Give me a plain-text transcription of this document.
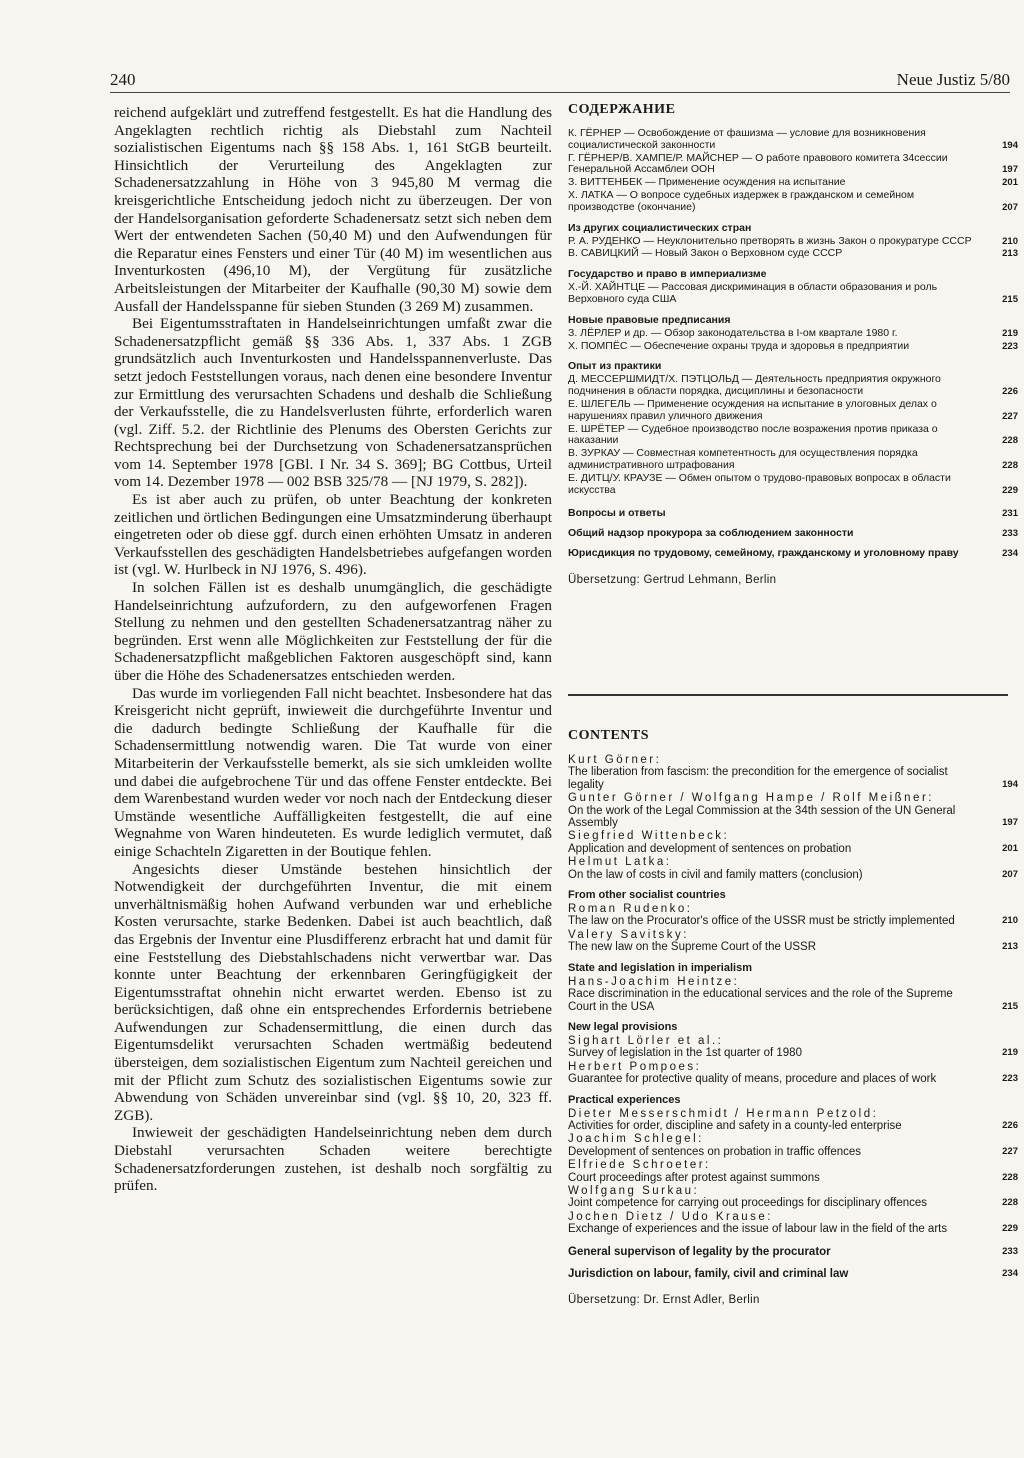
240	Neue Justiz 5/80

reichend aufgeklärt und zutreffend festgestellt. Es hat die Handlung des Angeklagten rechtlich richtig als Diebstahl zum Nachteil sozialistischen Eigentums nach §§ 158 Abs. 1, 161 StGB beurteilt. Hinsichtlich der Verurteilung des Angeklagten zur Schadenersatzzahlung in Höhe von 3 945,80 M vermag die kreisgerichtliche Entscheidung jedoch nicht zu überzeugen. Der von der Handelsorganisation geforderte Schadenersatz setzt sich neben dem Wert der entwendeten Sachen (50,40 M) und den Aufwendungen für die Reparatur eines Fensters und einer Tür (40 M) im wesentlichen aus Inventurkosten (496,10 M), der Vergütung für zusätzliche Arbeitsleistungen der Mitarbeiter der Kaufhalle (90,30 M) sowie dem Ausfall der Handelsspanne für sieben Stunden (3 269 M) zusammen.

Bei Eigentumsstraftaten in Handelseinrichtungen umfaßt zwar die Schadenersatzpflicht gemäß §§ 336 Abs. 1, 337 Abs. 1 ZGB grundsätzlich auch Inventurkosten und Handelsspannenverluste. Das setzt jedoch Feststellungen voraus, nach denen eine besondere Inventur zur Ermittlung des verursachten Schadens und deshalb die Schließung der Verkaufsstelle, die zu Handelsverlusten führte, erforderlich waren (vgl. Ziff. 5.2. der Richtlinie des Plenums des Obersten Gerichts zur Rechtsprechung bei der Durchsetzung von Schadenersatzansprüchen vom 14. September 1978 [GBl. I Nr. 34 S. 369]; BG Cottbus, Urteil vom 14. Dezember 1978 — 002 BSB 325/78 — [NJ 1979, S. 282]).

Es ist aber auch zu prüfen, ob unter Beachtung der konkreten zeitlichen und örtlichen Bedingungen eine Umsatzminderung überhaupt eingetreten oder ob diese ggf. durch einen erhöhten Umsatz in anderen Verkaufsstellen des geschädigten Handelsbetriebes aufgefangen worden ist (vgl. W. Hurlbeck in NJ 1976, S. 496).

In solchen Fällen ist es deshalb unumgänglich, die geschädigte Handelseinrichtung aufzufordern, zu den aufgeworfenen Fragen Stellung zu nehmen und den gestellten Schadenersatzantrag näher zu begründen. Erst wenn alle Möglichkeiten zur Feststellung der für die Schadenersatzpflicht maßgeblichen Faktoren ausgeschöpft sind, kann über die Höhe des Schadenersatzes entschieden werden.

Das wurde im vorliegenden Fall nicht beachtet. Insbesondere hat das Kreisgericht nicht geprüft, inwieweit die durchgeführte Inventur und die dadurch bedingte Schließung der Kaufhalle für die Schadensermittlung notwendig waren. Die Tat wurde von einer Mitarbeiterin der Verkaufsstelle bemerkt, als sie sich umkleiden wollte und dabei die aufgebrochene Tür und das offene Fenster entdeckte. Bei dem Warenbestand wurden weder vor noch nach der Entdeckung dieser Umstände wesentliche Auffälligkeiten festgestellt, die auf eine Wegnahme von Waren hindeuteten. Es wurde lediglich vermutet, daß einige Schachteln Zigaretten in der Boutique fehlen.

Angesichts dieser Umstände bestehen hinsichtlich der Notwendigkeit der durchgeführten Inventur, die mit einem unverhältnismäßig hohen Aufwand verbunden war und erhebliche Kosten verursachte, starke Bedenken. Dabei ist auch beachtlich, daß das Ergebnis der Inventur eine Plusdifferenz erbracht hat und damit für eine Feststellung des Diebstahlschadens nicht verwertbar war. Das konnte unter Beachtung der erkennbaren Geringfügigkeit der Eigentumsstraftat ohnehin nicht erwartet werden. Ebenso ist zu berücksichtigen, daß ohne ein entsprechendes Erfordernis betriebene Aufwendungen zur Schadensermittlung, die einen durch das Eigentumsdelikt verursachten Schaden wertmäßig bedeutend übersteigen, dem sozialistischen Eigentum zum Nachteil gereichen und mit der Pflicht zum Schutz des sozialistischen Eigentums sowie zur Abwendung von Schäden unvereinbar sind (vgl. §§ 10, 20, 323 ff. ZGB).

Inwieweit der geschädigten Handelseinrichtung neben dem durch Diebstahl verursachten Schaden weitere berechtigte Schadenersatzforderungen zustehen, ist deshalb noch sorgfältig zu prüfen.

СОДЕРЖАНИЕ
К. ГЁРНЕР — Освобождение от фашизма — условие для возникновения социалистической законности	194
Г. ГЁРНЕР/В. ХАМПЕ/Р. МАЙСНЕР — О работе правового комитета 34сессии Генеральной Ассамблеи ООН	197
З. ВИТТЕНБЕК — Применение осуждения на испытание	201
Х. ЛАТКА — О вопросе судебных издержек в гражданском и семейном производстве (окончание)	207
Из других социалистических стран
Р. А. РУДЕНКО — Неуклонительно претворять в жизнь Закон о прокуратуре СССР	210
В. САВИЦКИЙ — Новый Закон о Верховном суде СССР	213
Государство и право в империализме
Х.-Й. ХАЙНТЦЕ — Рассовая дискриминация в области образования и роль Верховного суда США	215
Новые правовые предписания
З. ЛЁРЛЕР и др. — Обзор законодательства в I-ом квартале 1980 г.	219
Х. ПОМПЁС — Обеспечение охраны труда и здоровья в предприятии	223
Опыт из практики
Д. МЕССЕРШМИДТ/Х. ПЭТЦОЛЬД — Деятельность предприятия окружного подчинения в области порядка, дисциплины и безопасности	226
Е. ШЛЕГЕЛЬ — Применение осуждения на испытание в улоговных делах о нарушениях правил уличного движения	227
Е. ШРЁТЕР — Судебное производство после возражения против приказа о наказании	228
В. ЗУРКАУ — Совместная компетентность для осуществления порядка административного штрафования	228
Е. ДИТЦ/У. КРАУЗЕ — Обмен опытом о трудово-правовых вопросах в области искусства	229
Вопросы и ответы	231
Общий надзор прокурора за соблюдением законности	233
Юрисдикция по трудовому, семейному, гражданскому и уголовному праву	234
Übersetzung: Gertrud Lehmann, Berlin
CONTENTS
Kurt Görner:
The liberation from fascism: the precondition for the emergence of socialist legality	194
Gunter Görner / Wolfgang Hampe / Rolf Meißner:
On the work of the Legal Commission at the 34th session of the UN General Assembly	197
Siegfried Wittenbeck:
Application and development of sentences on probation	201
Helmut Latka:
On the law of costs in civil and family matters (conclusion)	207
From other socialist countries
Roman Rudenko:
The law on the Procurator's office of the USSR must be strictly implemented	210
Valery Savitsky:
The new law on the Supreme Court of the USSR	213
State and legislation in imperialism
Hans-Joachim Heintze:
Race discrimination in the educational services and the role of the Supreme Court in the USA	215
New legal provisions
Sighart Lörler et al.:
Survey of legislation in the 1st quarter of 1980	219
Herbert Pompoes:
Guarantee for protective quality of means, procedure and places of work	223
Practical experiences
Dieter Messerschmidt / Hermann Petzold:
Activities for order, discipline and safety in a county-led enterprise	226
Joachim Schlegel:
Development of sentences on probation in traffic offences	227
Elfriede Schroeter:
Court proceedings after protest against summons	228
Wolfgang Surkau:
Joint competence for carrying out proceedings for disciplinary offences	228
Jochen Dietz / Udo Krause:
Exchange of experiences and the issue of labour law in the field of the arts	229
General supervison of legality by the procurator	233
Jurisdiction on labour, family, civil and criminal law	234
Übersetzung: Dr. Ernst Adler, Berlin
